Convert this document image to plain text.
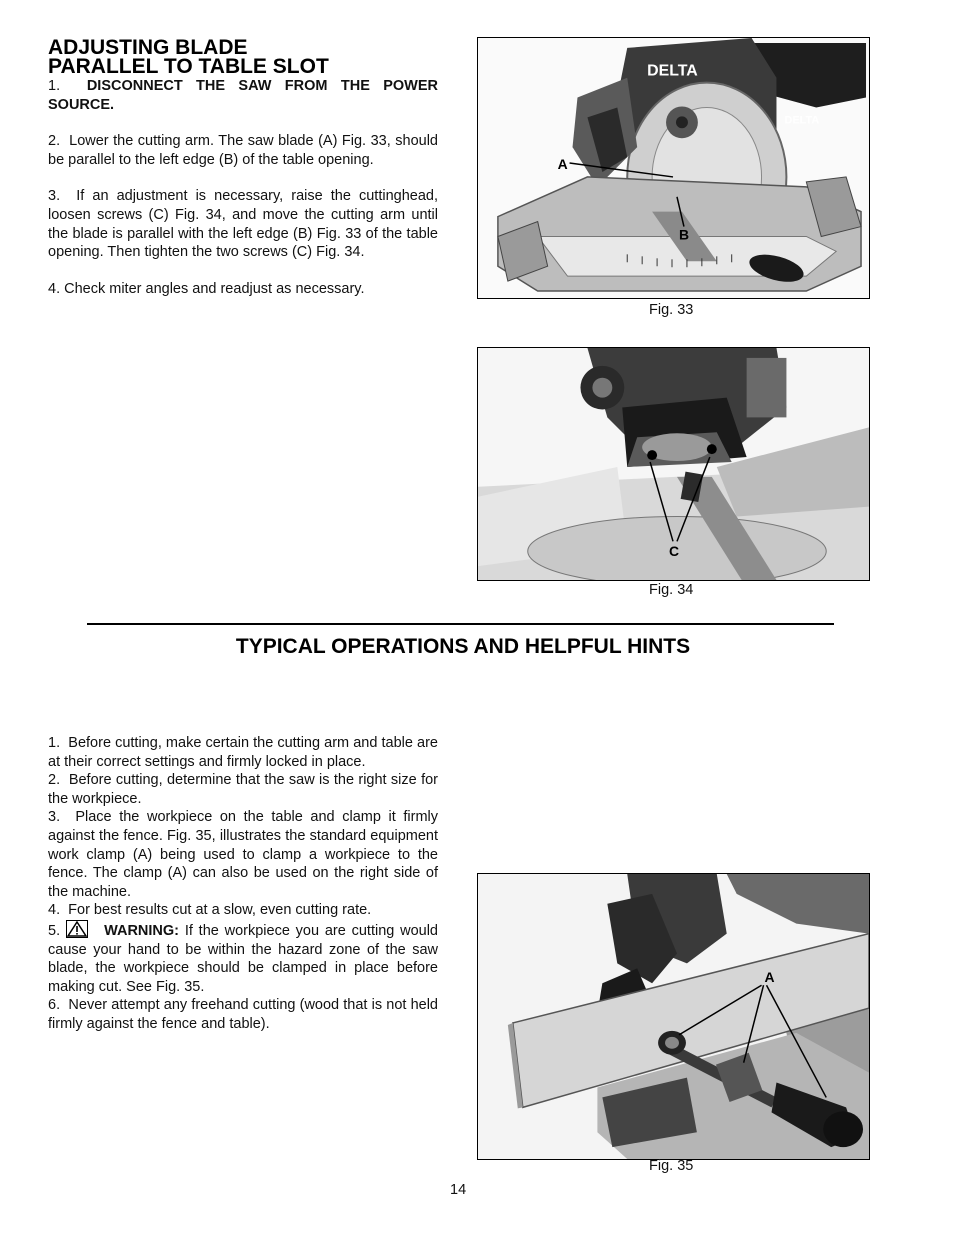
ADJUSTING BLADE
PARALLEL TO TABLE SLOT

1. DISCONNECT THE SAW FROM THE POWER SOURCE.

2. Lower the cutting arm. The saw blade (A) Fig. 33, should be parallel to the left edge (B) of the table opening.

3. If an adjustment is necessary, raise the cuttinghead, loosen screws (C) Fig. 34, and move the cutting arm until the blade is parallel with the left edge (B) Fig. 33 of the table opening. Then tighten the two screws (C) Fig. 34.

4. Check miter angles and readjust as necessary.

DELTA
DELTA
A
B
Fig. 33
C
Fig. 34
TYPICAL OPERATIONS AND HELPFUL HINTS

1. Before cutting, make certain the cutting arm and table are at their correct settings and firmly locked in place.

2. Before cutting, determine that the saw is the right size for the workpiece.

3. Place the workpiece on the table and clamp it firmly against the fence. Fig. 35, illustrates the standard equipment work clamp (A) being used to clamp a workpiece to the fence. The clamp (A) can also be used on the right side of the machine.

4. For best results cut at a slow, even cutting rate.

5.	WARNING: If the workpiece you are cutting would cause your hand to be within the hazard zone of the saw blade, the workpiece should be clamped in place before making cut. See Fig. 35.

6. Never attempt any freehand cutting (wood that is not held firmly against the fence and table).

A
Fig. 35
14
